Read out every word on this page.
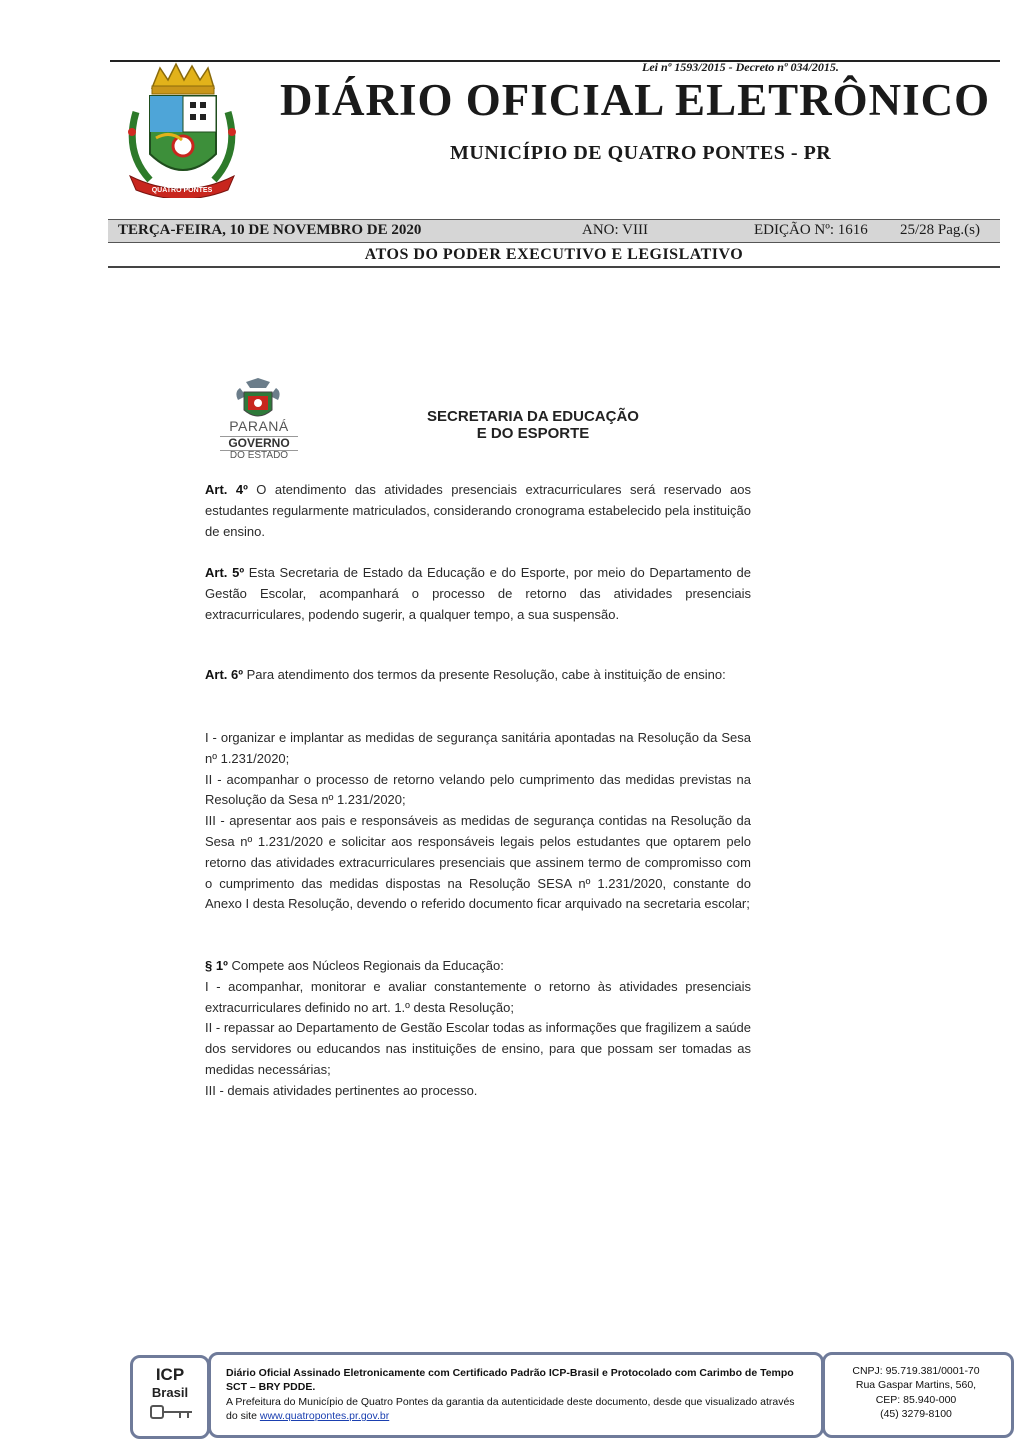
Lei nº 1593/2015 - Decreto nº 034/2015.
QUATRO PONTES
DIÁRIO OFICIAL ELETRÔNICO
MUNICÍPIO DE QUATRO PONTES - PR
TERÇA-FEIRA, 10 DE NOVEMBRO DE 2020	ANO: VIII	EDIÇÃO Nº: 1616 25/28 Pag.(s)
ATOS DO PODER EXECUTIVO E LEGISLATIVO
PARANÁ
GOVERNO
DO ESTADO
SECRETARIA DA EDUCAÇÃO
E DO ESPORTE

Art. 4º O atendimento das atividades presenciais extracurriculares será reservado aos estudantes regularmente matriculados, considerando cronograma estabelecido pela instituição de ensino.

Art. 5º Esta Secretaria de Estado da Educação e do Esporte, por meio do Departamento de Gestão Escolar, acompanhará o processo de retorno das atividades presenciais extracurriculares, podendo sugerir, a qualquer tempo, a sua suspensão.

Art. 6º Para atendimento dos termos da presente Resolução, cabe à instituição de ensino:

I - organizar e implantar as medidas de segurança sanitária apontadas na Resolução da Sesa nº 1.231/2020;

II - acompanhar o processo de retorno velando pelo cumprimento das medidas previstas na Resolução da Sesa nº 1.231/2020;

III - apresentar aos pais e responsáveis as medidas de segurança contidas na Resolução da Sesa nº 1.231/2020 e solicitar aos responsáveis legais pelos estudantes que optarem pelo retorno das atividades extracurriculares presenciais que assinem termo de compromisso com o cumprimento das medidas dispostas na Resolução SESA nº 1.231/2020, constante do Anexo I desta Resolução, devendo o referido documento ficar arquivado na secretaria escolar;

§ 1º Compete aos Núcleos Regionais da Educação:

I - acompanhar, monitorar e avaliar constantemente o retorno às atividades presenciais extracurriculares definido no art. 1.º desta Resolução;

II - repassar ao Departamento de Gestão Escolar todas as informações que fragilizem a saúde dos servidores ou educandos nas instituições de ensino, para que possam ser tomadas as medidas necessárias;

III - demais atividades pertinentes ao processo.

ICP
Brasil
Diário Oficial Assinado Eletronicamente com Certificado Padrão ICP-Brasil e Protocolado com Carimbo de Tempo SCT – BRY PDDE.
A Prefeitura do Município de Quatro Pontes da garantia da autenticidade deste documento, desde que visualizado através do site www.quatropontes.pr.gov.br
CNPJ: 95.719.381/0001-70
Rua Gaspar Martins, 560,
CEP: 85.940-000
(45) 3279-8100
